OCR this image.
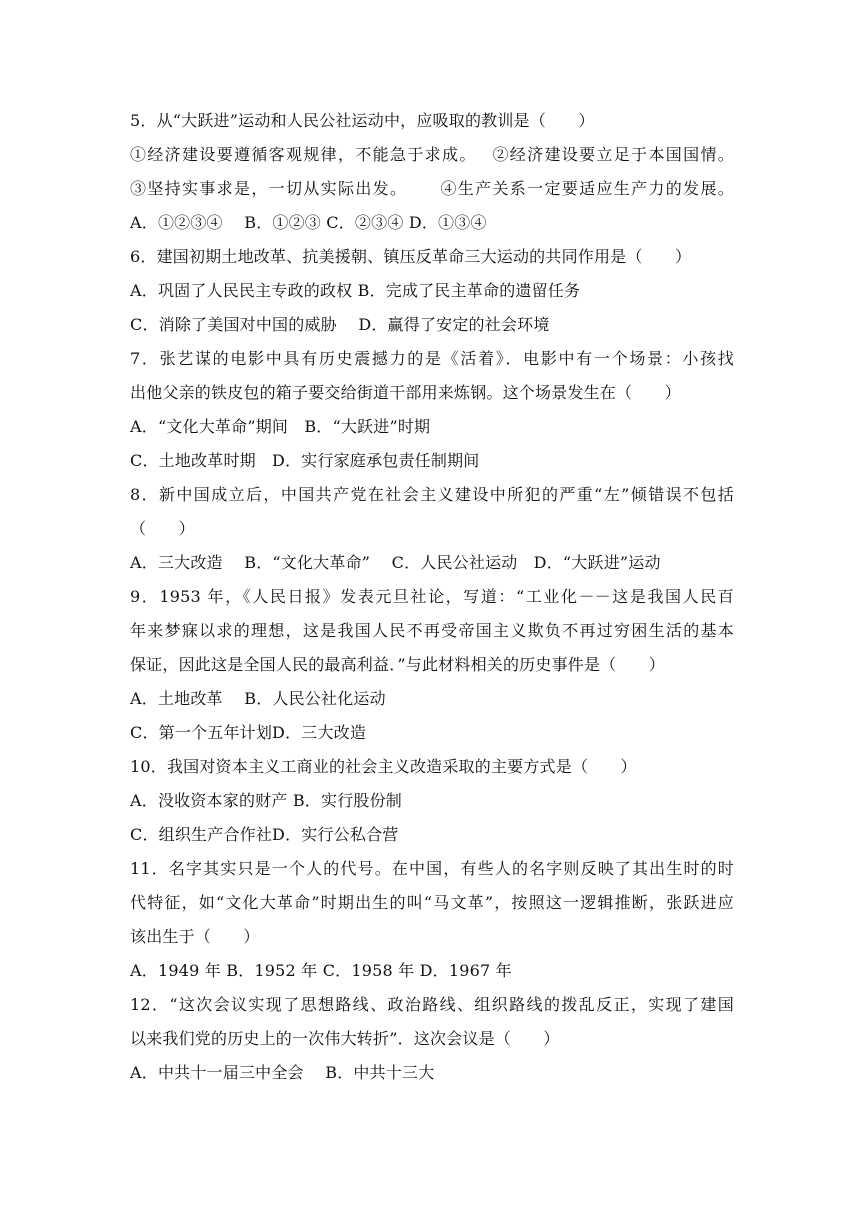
5．从“大跃进”运动和人民公社运动中，应吸取的教训是（　　）
①经济建设要遵循客观规律，不能急于求成。　 ②经济建设要立足于本国国情。
③坚持实事求是，一切从实际出发。　　 ④生产关系一定要适应生产力的发展。
A．①②③④　 B．①②③ C．②③④ D．①③④
6．建国初期土地改革、抗美援朝、镇压反革命三大运动的共同作用是（　　）
A．巩固了人民民主专政的政权 B．完成了民主革命的遗留任务
C．消除了美国对中国的威胁　 D．赢得了安定的社会环境
7．张艺谋的电影中具有历史震撼力的是《活着》．电影中有一个场景：小孩找
出他父亲的铁皮包的箱子要交给街道干部用来炼钢。这个场景发生在（　　）
A．“文化大革命”期间　B．“大跃进”时期
C．土地改革时期　D．实行家庭承包责任制期间
8．新中国成立后，中国共产党在社会主义建设中所犯的严重“左”倾错误不包括
（　　）
A．三大改造　 B．“文化大革命”　 C．人民公社运动　D．“大跃进”运动
9．1953 年，《人民日报》发表元旦社论，写道：“工业化－－这是我国人民百
年来梦寐以求的理想，这是我国人民不再受帝国主义欺负不再过穷困生活的基本
保证，因此这是全国人民的最高利益．”与此材料相关的历史事件是（　　）
A．土地改革　 B．人民公社化运动
C．第一个五年计划D．三大改造
10．我国对资本主义工商业的社会主义改造采取的主要方式是（　　）
A．没收资本家的财产 B．实行股份制
C．组织生产合作社D．实行公私合营
11．名字其实只是一个人的代号。在中国，有些人的名字则反映了其出生时的时
代特征，如“文化大革命”时期出生的叫“马文革”，按照这一逻辑推断，张跃进应
该出生于（　　）
A．1949 年 B．1952 年 C．1958 年 D．1967 年
12．“这次会议实现了思想路线、政治路线、组织路线的拨乱反正，实现了建国
以来我们党的历史上的一次伟大转折”．这次会议是（　　）
A．中共十一届三中全会　 B．中共十三大
